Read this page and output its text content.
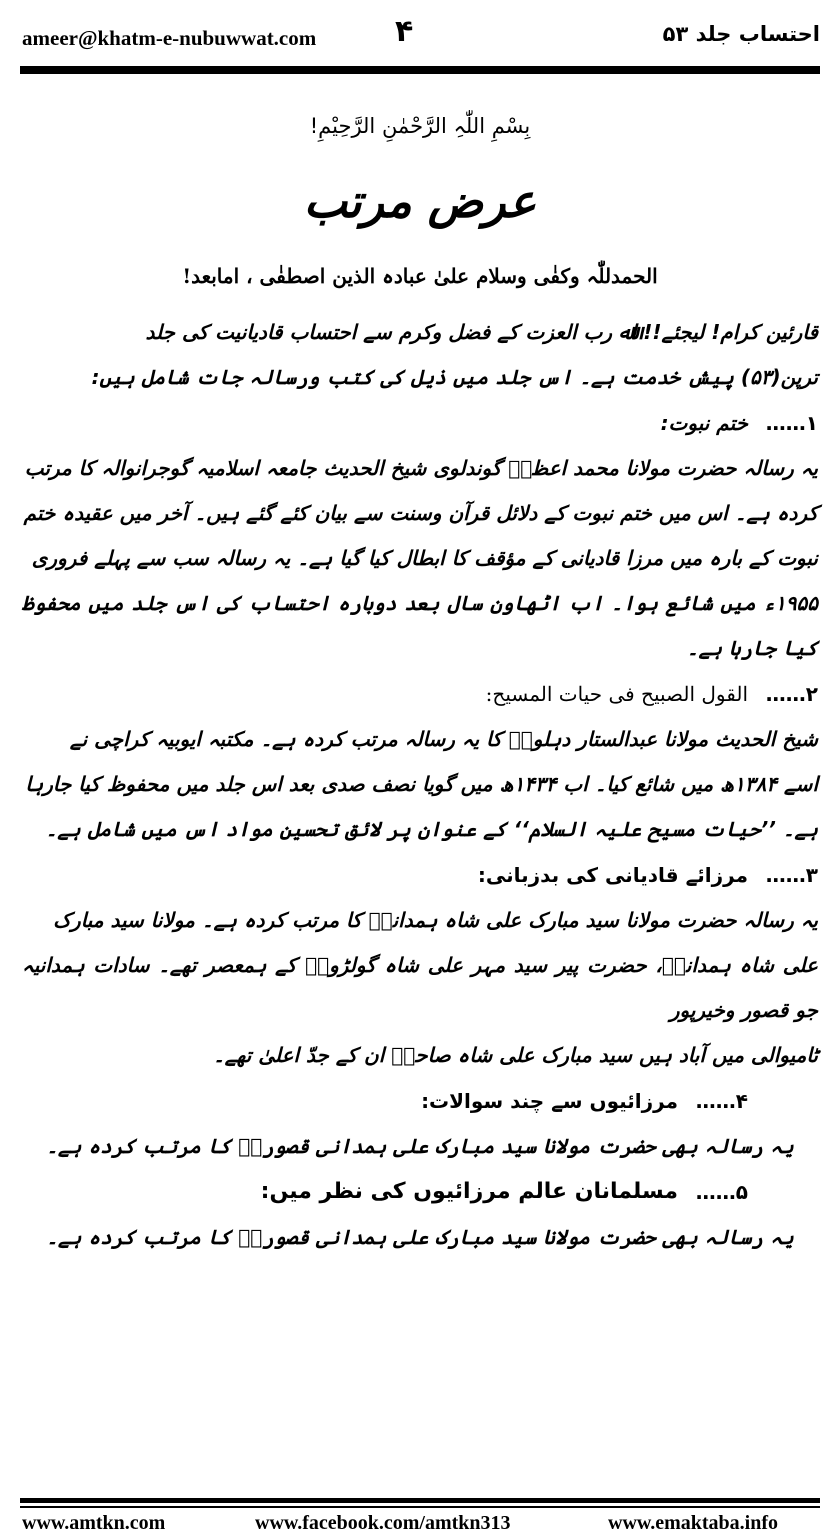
ameer@khatm-e-nubuwwat.com	۴	احتساب جلد ۵۳
بِسْمِ اللّٰہِ الرَّحْمٰنِ الرَّحِیْمِ!
عرض مرتب
الحمدللّٰہ وکفٰی وسلام علیٰ عبادہ الذین اصطفٰی ، امابعد!

قارئین کرام! لیجئے!! اﷲ رب العزت کے فضل وکرم سے احتساب قادیانیت کی جلد

ترپن(۵۳) پیش خدمت ہے۔ اس جلد میں ذیل کی کتب ورسالہ جات شامل ہیں:

۱……
ختم نبوت:

یہ رسالہ حضرت مولانا محمد اعظمؒ گوندلوی شیخ الحدیث جامعہ اسلامیہ گوجرانوالہ کا مرتب

کردہ ہے۔ اس میں ختم نبوت کے دلائل قرآن وسنت سے بیان کئے گئے ہیں۔ آخر میں عقیدہ ختم

نبوت کے بارہ میں مرزا قادیانی کے مؤقف کا ابطال کیا گیا ہے۔ یہ رسالہ سب سے پہلے فروری

۱۹۵۵ء میں شائع ہوا۔ اب اٹھاون سال بعد دوبارہ احتساب کی اس جلد میں محفوظ کیا جارہا ہے۔

۲……
القول الصبیح فی حیات المسیح:

شیخ الحدیث مولانا عبدالستار دہلویؒ کا یہ رسالہ مرتب کردہ ہے۔ مکتبہ ایوبیہ کراچی نے

اسے ۱۳۸۴ھ میں شائع کیا۔ اب ۱۴۳۴ھ میں گویا نصف صدی بعد اس جلد میں محفوظ کیا جارہا

ہے۔ ’’حیات مسیح علیہ السلام‘‘ کے عنوان پر لائق تحسین مواد اس میں شامل ہے۔

۳……
مرزائے قادیانی کی بدزبانی:

یہ رسالہ حضرت مولانا سید مبارک علی شاہ ہمدانیؒ کا مرتب کردہ ہے۔ مولانا سید مبارک

علی شاہ ہمدانیؒ، حضرت پیر سید مہر علی شاہ گولڑویؒ کے ہمعصر تھے۔ سادات ہمدانیہ جو قصور وخیرپور

ٹامیوالی میں آباد ہیں سید مبارک علی شاہ صاحبؒ ان کے جدّ اعلیٰ تھے۔

۴……
مرزائیوں سے چند سوالات:

یہ رسالہ بھی حضرت مولانا سید مبارک علی ہمدانی قصوریؒ کا مرتب کردہ ہے۔

۵……
مسلمانان عالم مرزائیوں کی نظر میں:

یہ رسالہ بھی حضرت مولانا سید مبارک علی ہمدانی قصوریؒ کا مرتب کردہ ہے۔

www.amtkn.com	www.facebook.com/amtkn313	www.emaktaba.info
